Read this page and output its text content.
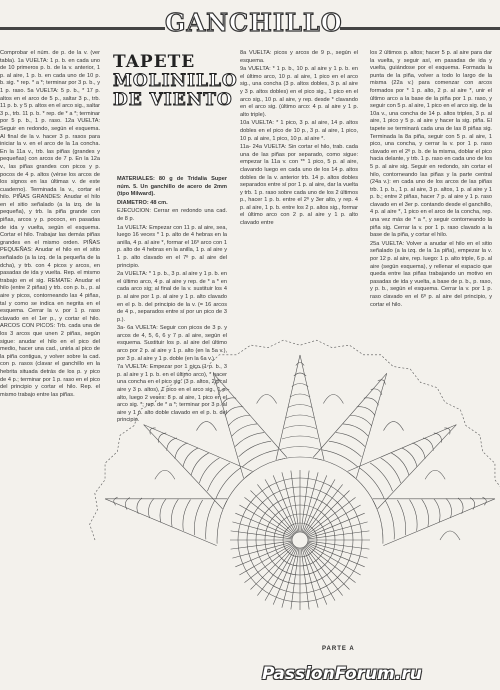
GANCHILLO

Comprobar el núm. de p. de la v. (ver tabla). 1a VUELTA: 1 p. b. en cada uno de 10 primeros p. b. de la v. anterior, 1 p. al aire, 1 p. b. en cada uno de 10 p. b. sig. * rep. * a *; terminar por 3 p. b., y 1 p. raso. 5a VUELTA: 5 p. b., * 17 p. altos en el arco de 5 p., saltar 3 p., trb. 11 p. b. y 5 p. altos en el arco sig., saltar 3 p., trb. 11 p. b. * rep. de * a *; terminar por 5 p. b., 1 p. raso. 12a VUELTA: Seguir en redondo, según el esquema. Al final de la v. hacer 3 p. rasos para iniciar la v. en el arco de la 1a concha. En la 11a v., trb. las piñas (grandes y pequeñas) con arcos de 7 p. En la 12a v., las piñas grandes con picos y p. pocos de 4 p. altos (vérse los arcos de los signos en las últimas v. de este cuaderno). Terminada la v., cortar el hilo. PIÑAS GRANDES: Anudar el hilo en el sitio señalado (a la izq. de la pequeña), y trb. la piña grande con piñas, arcos y p. pococn, en pasadas de ida y vuelta, según el esquema. Cortar el hilo. Trabajar las demás piñas grandes en el mismo orden. PIÑAS PEQUEÑAS: Anudar el hilo en el sitio señalado (a la izq. de la pequeña de la dcha), y trb. con 4 picos y arcos, en pasadas de ida y vuelta. Rep. el mismo trabajo en el sig. REMATE: Anudar el hilo (entre 2 piñas) y trb. con p. b., p. al aire y picos, contorneando las 4 piñas, tal y como se indica en negrita en el esquema. Cerrar la v. por 1 p. raso clavado en el 1er p., y cortar el hilo. ARCOS CON PICOS: Trb. cada una de los 3 arcos que unen 2 piñas, según sigue: anudar el hilo en el pico del medio, hacer una cad., unirla al pico de la piña contigua, y volver sobre la cad. con p. rasos (clavar el ganchillo en la hebrita situada detrás de los p. y pico de 4 p.; terminar por 1 p. raso en el pico del principio y cortar el hilo. Rep. el mismo trabajo entre las piñas.

TAPETE
MOLINILLO
DE VIENTO

MATERIALES: 80 g de Tridalia Super núm. 5. Un ganchillo de acero de 2mm (tipo Milward).

DIAMETRO: 48 cm.

EJECUCION: Cerrar en redondo una cad. de 8 p.

1a VUELTA: Empezar con 11 p. al aire, sea, luego 16 veces * 1 p. alto de 4 hebras en la anilla, 4 p. al aire *, formar el 16º arco con 1 p. alto de 4 hebras en la anilla, 1 p. al aire y 1 p. alto clavado en el 7º p. al aire del principio.

2a VUELTA: * 1 p. b., 3 p. al aire y 1 p. b. en el último arco, 4 p. al aire y rep. de * a * en cada arco sig; al final de la v. sustituir los 4 p. al aire por 1 p. al aire y 1 p. alto clavado en el p. b. del principio de la v. (= 16 arcos de 4 p., separados entre sí por un pico de 3 p.).

3a- 6a VUELTA: Seguir con picos de 3 p. y arcos de 4, 5, 6, 6 y 7 p. al aire, según el esquema. Sustituir los p. al aire del último arco por 2 p. al aire y 1 p. alto (en la 5a v.), por 3 p. al aire y 1 p. doble (en la 6a v.).

7a VUELTA: Empezar por 1 pico (1 p. b., 3 p. al aire y 1 p. b. en el último arco), * hacer una concha en el pico sig. (3 p. altos, 2 p. al aire y 3 p. altos), 1 pico en el arco sig., 1 p. alto, luego 2 veces: 8 p. al aire, 1 pico en el arco sig. *; rep. de * a *; terminar por 3 p. al aire y 1 p. alto doble clavado en el p. b. del principio.

8a VUELTA: picos y arcos de 9 p., según el esquema.

9a VUELTA: * 1 p. b., 10 p. al aire y 1 p. b. en el último arco, 10 p. al aire, 1 pico en el arco sig., una concha (3 p. altos dobles, 3 p. al aire y 3 p. altos dobles) en el pico sig., 1 pico en el arco sig., 10 p. al aire, y rep. desde * clavando en el arco sig. (último arco: 4 p. al aire y 1 p. alto triple).

10a VUELTA: * 1 pico, 3 p. al aire, 14 p. altos dobles en el pico de 10 p., 3 p. al aire, 1 pico, 10 p. al aire, 1 pico, 10 p. al aire *.

11a- 24a VUELTA: Sin cortar el hilo, trab. cada una de las piñas por separado, como sigue: empezar la 11a v. con ** 1 pico, 5 p. al aire, clavando luego en cada uno de los 14 p. altos dobles de la v. anterior trb. 14 p. altos dobles separados entre sí por 1 p. al aire, dar la vuelta y trb. 1 p. raso sobre cada uno de los 2 últimos p., hacer 1 p. b. entre el 2º y 3er alto, y rep. 4 p. al aire, 1 p. b. entre los 2 p. altos sig., formar el último arco con 2 p. al aire y 1 p. alto clavado entre

los 2 últimos p. altos; hacer 5 p. al aire para dar la vuelta, y seguir así, en pasadas de ida y vuelta, guiándose por el esquema. Formada la punta de la piña, volver a todo lo largo de la misma (22a v.) para comenzar con arcos formados por * 1 p. alto, 2 p. al aire *, unir el último arco a la base de la piña por 1 p. raso, y seguir con 5 p. al aire, 1 pico en el arco sig. de la 10a v., una concha de 14 p. altos triples, 3 p. al aire, 1 pico y 5 p. al aire y hacer la sig. piña. El tapete se terminará cada una de las 8 piñas sig. Terminada la 8a piña, seguir con 5 p. al aire, 1 pico, una concha, y cerrar la v. por 1 p. raso clavado en el 2º p. b. de la misma, doblar el pico hacia delante, y trb. 1 p. raso en cada uno de los 5 p. al aire sig. Seguir en redondo, sin cortar el hilo, contorneando las piñas y la parte central (24a v.): en cada uno de los arcos de las piñas trb. 1 p. b., 1 p. al aire, 3 p. altos, 1 p. al aire y 1 p. b.; entre 2 piñas, hacer 7 p. al aire y 1 p. raso clavado en el 3er p. contando desde el ganchillo, 4 p. al aire *, 1 pico en el arco de la concha, rep. una vez más de * a *, y seguir contorneando la piña sig. Cerrar la v. por 1 p. raso clavado a la base de la piña, y cortar el hilo.

25a VUELTA: Volver a anudar el hilo en el sitio señalado (a la izq. de la 1a piña), empezar la v. por 12 p. al aire, rep. luego: 1 p. alto triple, 6 p. al aire (según esquema), y rellenar el espacio que queda entre las piñas trabajando un motivo en pasadas de ida y vuelta, a base de p. b., p. raso, y p. b., según el esquema. Cerrar la v. por 1 p. raso clavado en el 6º p. al aire del principio, y cortar el hilo.

PARTE A
PassionForum.ru
